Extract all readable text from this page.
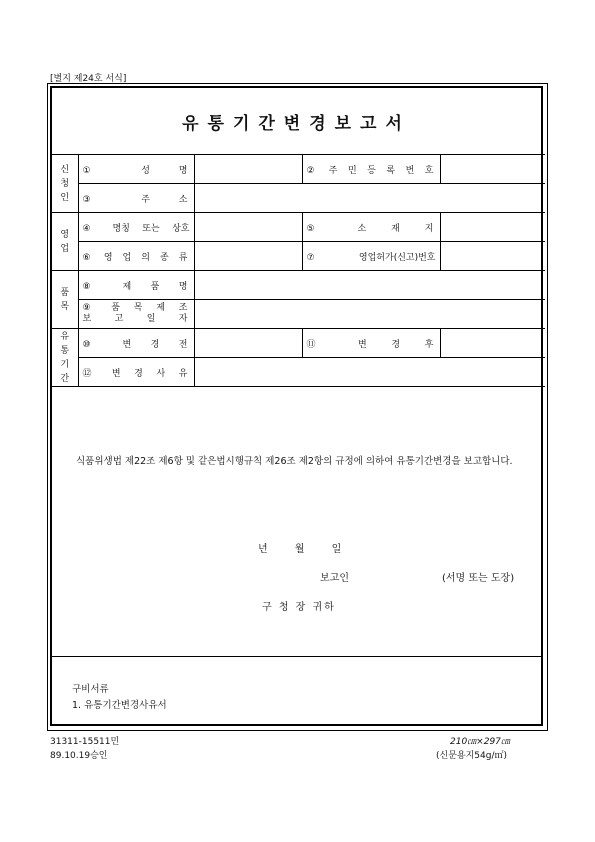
[별지 제24호 서식]
유통기간변경보고서
신
청
인	① 성 명		② 주 민 등 록 번 호	
	③ 주 소			
영
업	④ 명칭 또는 상호		⑤ 소 재 지	
	⑥ 영 업 의 종 류		⑦ 영업허가(신고)번호	
품
목	⑧ 제 품 명			

	⑨ 품 목 제 조
보 고 일 자			

유
통
기
간	⑩ 변 경 전		⑪ 변 경 후	
	⑫ 변 경 사 유			
식품위생법 제22조 제6항 및 같은법시행규칙 제26조 제2항의 규정에 의하여 유통기간변경을 보고합니다.
년 월 일
보고인	(서명 또는 도장)
구 청 장 귀하
구비서류
1. 유통기간변경사유서
31311-15511민
89.10.19승인
210㎝×297㎝
(신문용지54g/㎡)
